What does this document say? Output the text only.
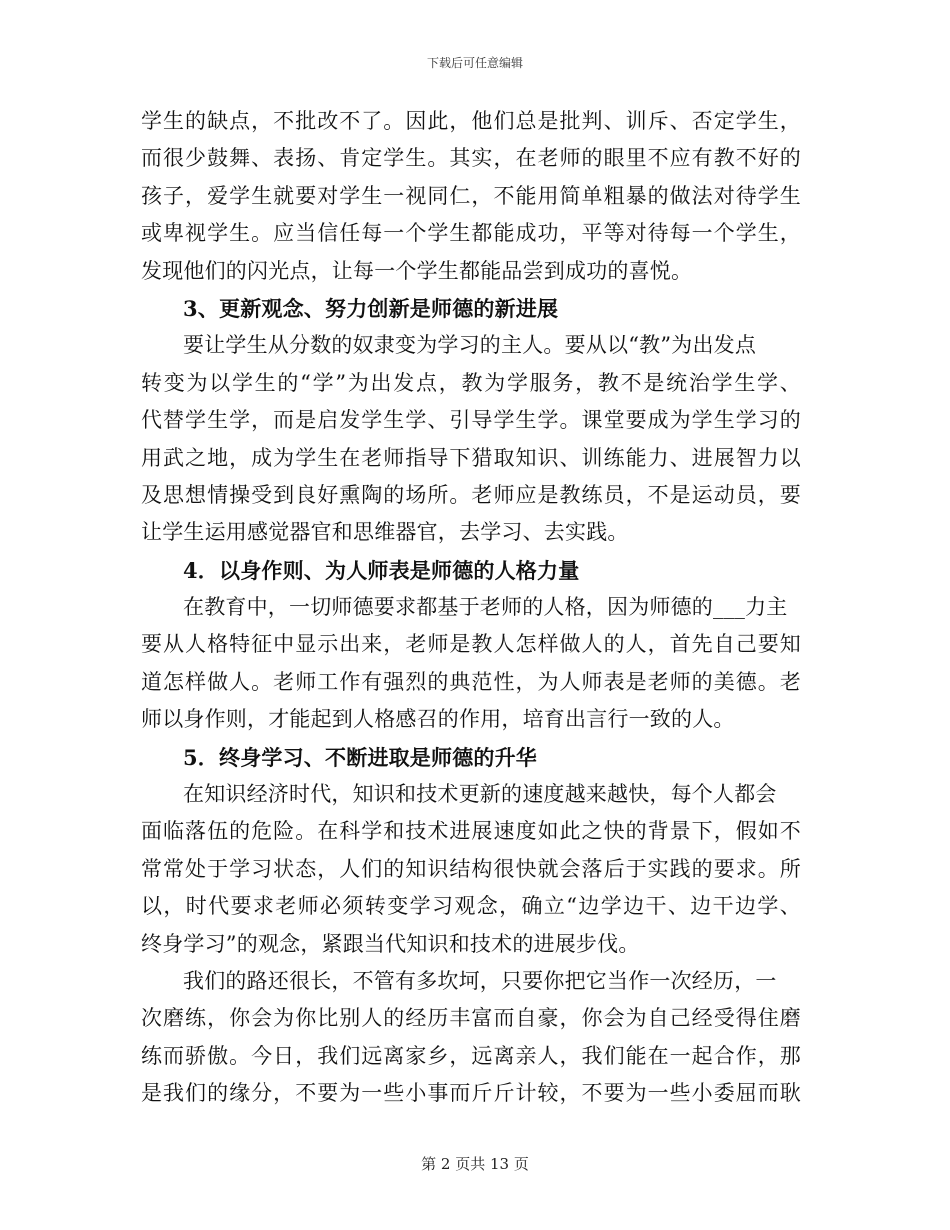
下载后可任意编辑
学生的缺点，不批改不了。因此，他们总是批判、训斥、否定学生，
而很少鼓舞、表扬、肯定学生。其实，在老师的眼里不应有教不好的
孩子，爱学生就要对学生一视同仁，不能用简单粗暴的做法对待学生
或卑视学生。应当信任每一个学生都能成功，平等对待每一个学生，
发现他们的闪光点，让每一个学生都能品尝到成功的喜悦。
3、更新观念、努力创新是师德的新进展
要让学生从分数的奴隶变为学习的主人。要从以“教”为出发点
转变为以学生的“学”为出发点，教为学服务，教不是统治学生学、
代替学生学，而是启发学生学、引导学生学。课堂要成为学生学习的
用武之地，成为学生在老师指导下猎取知识、训练能力、进展智力以
及思想情操受到良好熏陶的场所。老师应是教练员，不是运动员，要
让学生运用感觉器官和思维器官，去学习、去实践。
4．以身作则、为人师表是师德的人格力量
在教育中，一切师德要求都基于老师的人格，因为师德的___力主
要从人格特征中显示出来，老师是教人怎样做人的人，首先自己要知
道怎样做人。老师工作有强烈的典范性，为人师表是老师的美德。老
师以身作则，才能起到人格感召的作用，培育出言行一致的人。
5．终身学习、不断进取是师德的升华
在知识经济时代，知识和技术更新的速度越来越快，每个人都会
面临落伍的危险。在科学和技术进展速度如此之快的背景下，假如不
常常处于学习状态，人们的知识结构很快就会落后于实践的要求。所
以，时代要求老师必须转变学习观念，确立“边学边干、边干边学、
终身学习”的观念，紧跟当代知识和技术的进展步伐。
我们的路还很长，不管有多坎坷，只要你把它当作一次经历，一
次磨练，你会为你比别人的经历丰富而自豪，你会为自己经受得住磨
练而骄傲。今日，我们远离家乡，远离亲人，我们能在一起合作，那
是我们的缘分，不要为一些小事而斤斤计较，不要为一些小委屈而耿
第 2 页共 13 页
